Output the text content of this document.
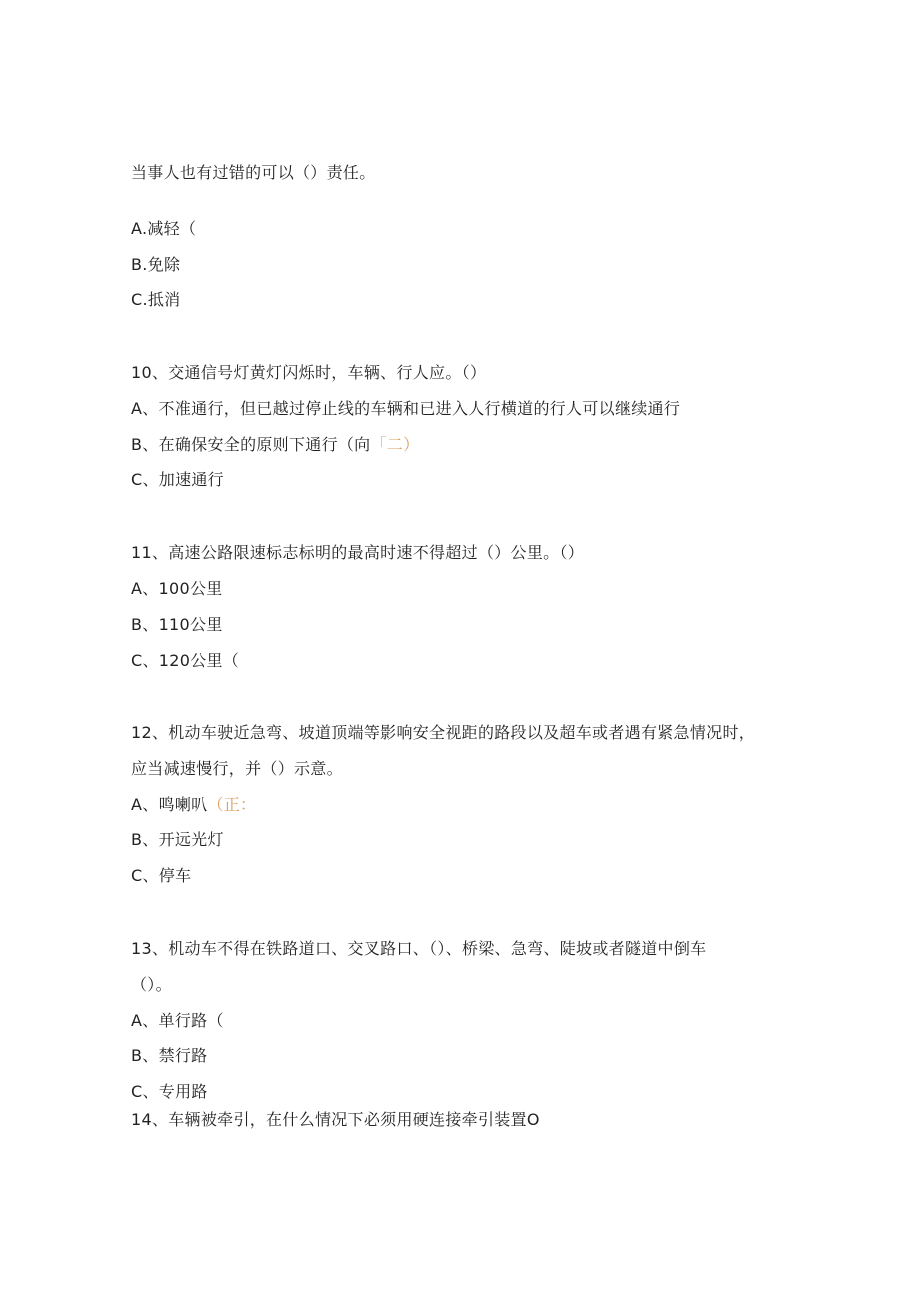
当事人也有过错的可以（）责任。
A.减轻（
B.免除
C.抵消
10、交通信号灯黄灯闪烁时，车辆、行人应。（）
A、不准通行，但已越过停止线的车辆和已进入人行横道的行人可以继续通行
B、在确保安全的原则下通行（向「二）
C、加速通行
11、高速公路限速标志标明的最高时速不得超过（）公里。（）
A、100公里
B、110公里
C、120公里（
12、机动车驶近急弯、坡道顶端等影响安全视距的路段以及超车或者遇有紧急情况时，
应当减速慢行，并（）示意。
A、鸣喇叭（正：
B、开远光灯
C、停车
13、机动车不得在铁路道口、交叉路口、（）、桥梁、急弯、陡坡或者隧道中倒车
（）。
A、单行路（
B、禁行路
C、专用路
14、车辆被牵引，在什么情况下必须用硬连接牵引装置O
